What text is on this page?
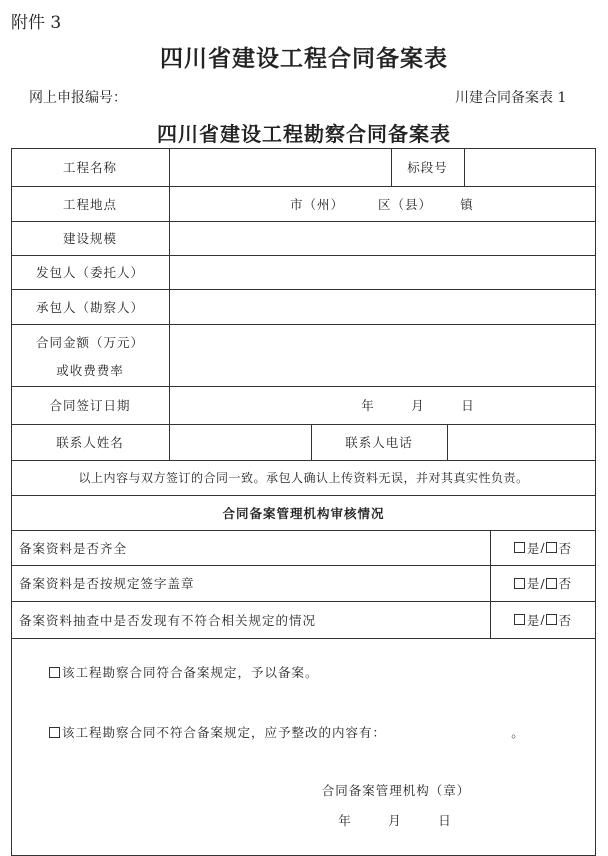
附件 3
四川省建设工程合同备案表
网上申报编号：	川建合同备案表 1
四川省建设工程勘察合同备案表
工程名称	标段号
工程地点	市（州）	区（县） 镇
建设规模
发包人（委托人）
承包人（勘察人）
合同金额（万元）
或收费费率
合同签订日期	年	月	日
联系人姓名	联系人电话
以上内容与双方签订的合同一致。承包人确认上传资料无误，并对其真实性负责。
合同备案管理机构审核情况
备案资料是否齐全	是 / 否
备案资料是否按规定签字盖章	是 / 否
备案资料抽查中是否发现有不符合相关规定的情况	是 / 否
该工程勘察合同符合备案规定，予以备案。
该工程勘察合同不符合备案规定，应予整改的内容有：	。
合同备案管理机构（章）
年	月	日
